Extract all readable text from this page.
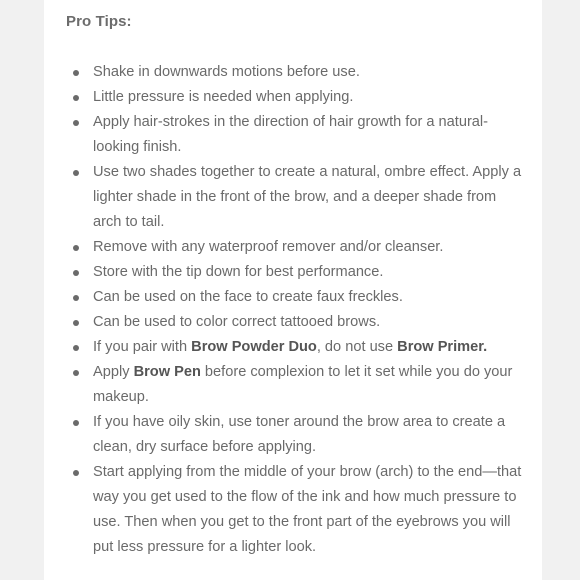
Pro Tips:
Shake in downwards motions before use.
Little pressure is needed when applying.
Apply hair-strokes in the direction of hair growth for a natural-looking finish.
Use two shades together to create a natural, ombre effect. Apply a lighter shade in the front of the brow, and a deeper shade from arch to tail.
Remove with any waterproof remover and/or cleanser.
Store with the tip down for best performance.
Can be used on the face to create faux freckles.
Can be used to color correct tattooed brows.
If you pair with Brow Powder Duo, do not use Brow Primer.
Apply Brow Pen before complexion to let it set while you do your makeup.
If you have oily skin, use toner around the brow area to create a clean, dry surface before applying.
Start applying from the middle of your brow (arch) to the end—that way you get used to the flow of the ink and how much pressure to use. Then when you get to the front part of the eyebrows you will put less pressure for a lighter look.
